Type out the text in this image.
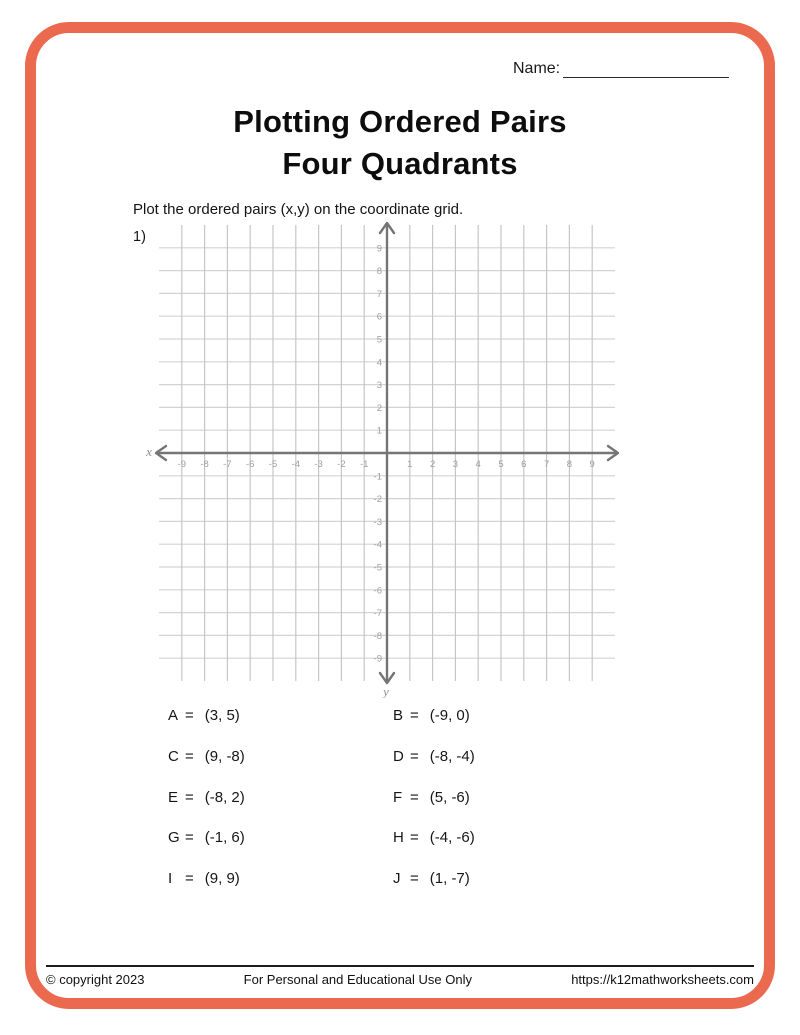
Name:
Plotting Ordered Pairs
Four Quadrants
Plot the ordered pairs (x,y) on the coordinate grid.
1)
-9 -8 -7 -6 -5 -4 -3 -2 -1	1 2 3 4 5 6 7 8 9
-9
-8
-7
-6
-5
-4
-3
-2
-1
1
2
3
4
5
6
7
8
9
x
y
A = (3, 5)	B = (-9, 0)
C = (9, -8)	D = (-8, -4)
E = (-8, 2)	F = (5, -6)
G = (-1, 6)	H = (-4, -6)
I = (9, 9)	J = (1, -7)
© copyright 2023	For Personal and Educational Use Only	https://k12mathworksheets.com
